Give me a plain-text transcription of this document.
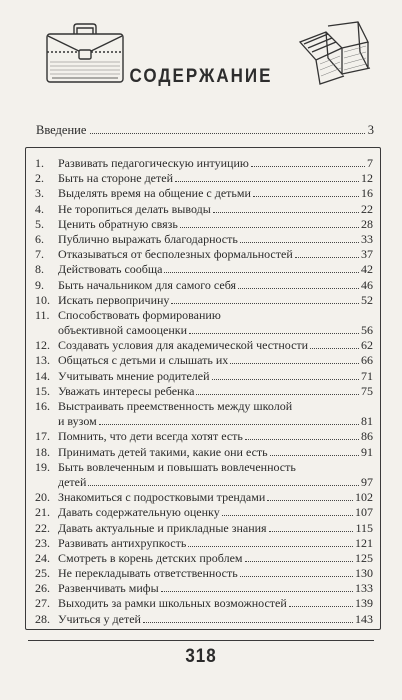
СОДЕРЖАНИЕ
Введение	3
1.	Развивать педагогическую интуицию	7
2.	Быть на стороне детей	12
3.	Выделять время на общение с детьми	16
4.	Не торопиться делать выводы	22
5.	Ценить обратную связь	28
6.	Публично выражать благодарность	33
7.	Отказываться от бесполезных формальностей	37
8.	Действовать сообща	42
9.	Быть начальником для самого себя	46
10. Искать первопричину	52
11. Способствовать формированию
объективной самооценки	56
12. Создавать условия для академической честности	62
13. Общаться с детьми и слышать их	66
14. Учитывать мнение родителей	71
15. Уважать интересы ребенка	75
16. Выстраивать преемственность между школой
и вузом	81
17. Помнить, что дети всегда хотят есть	86
18. Принимать детей такими, какие они есть	91
19. Быть вовлеченным и повышать вовлеченность
детей	97
20. Знакомиться с подростковыми трендами	102
21. Давать содержательную оценку	107
22. Давать актуальные и прикладные знания	115
23. Развивать антихрупкость	121
24. Смотреть в корень детских проблем	125
25. Не перекладывать ответственность	130
26. Развенчивать мифы	133
27. Выходить за рамки школьных возможностей	139
28. Учиться у детей	143
318
